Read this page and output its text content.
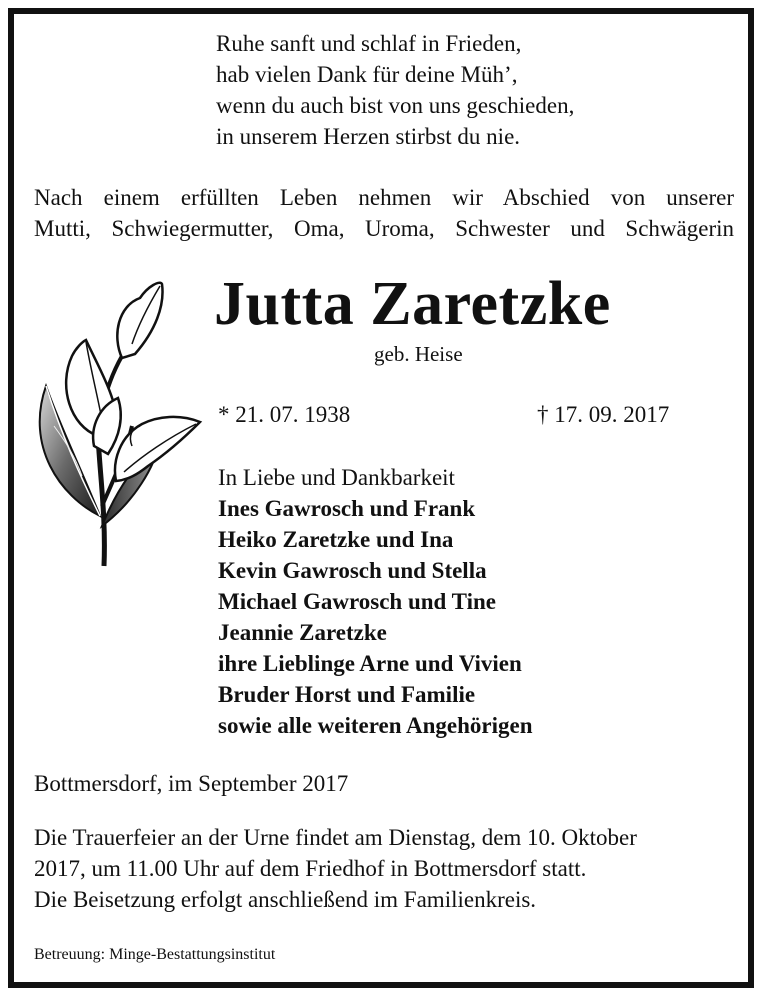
Ruhe sanft und schlaf in Frieden,
hab vielen Dank für deine Müh’,
wenn du auch bist von uns geschieden,
in unserem Herzen stirbst du nie.
Nach einem erfüllten Leben nehmen wir Abschied von unserer
Mutti, Schwiegermutter, Oma, Uroma, Schwester und Schwägerin
Jutta Zaretzke
geb. Heise
* 21. 07. 1938	† 17. 09. 2017
In Liebe und Dankbarkeit
Ines Gawrosch und Frank
Heiko Zaretzke und Ina
Kevin Gawrosch und Stella
Michael Gawrosch und Tine
Jeannie Zaretzke
ihre Lieblinge Arne und Vivien
Bruder Horst und Familie
sowie alle weiteren Angehörigen
Bottmersdorf, im September 2017
Die Trauerfeier an der Urne findet am Dienstag, dem 10. Oktober
2017, um 11.00 Uhr auf dem Friedhof in Bottmersdorf statt.
Die Beisetzung erfolgt anschließend im Familienkreis.
Betreuung: Minge-Bestattungsinstitut
